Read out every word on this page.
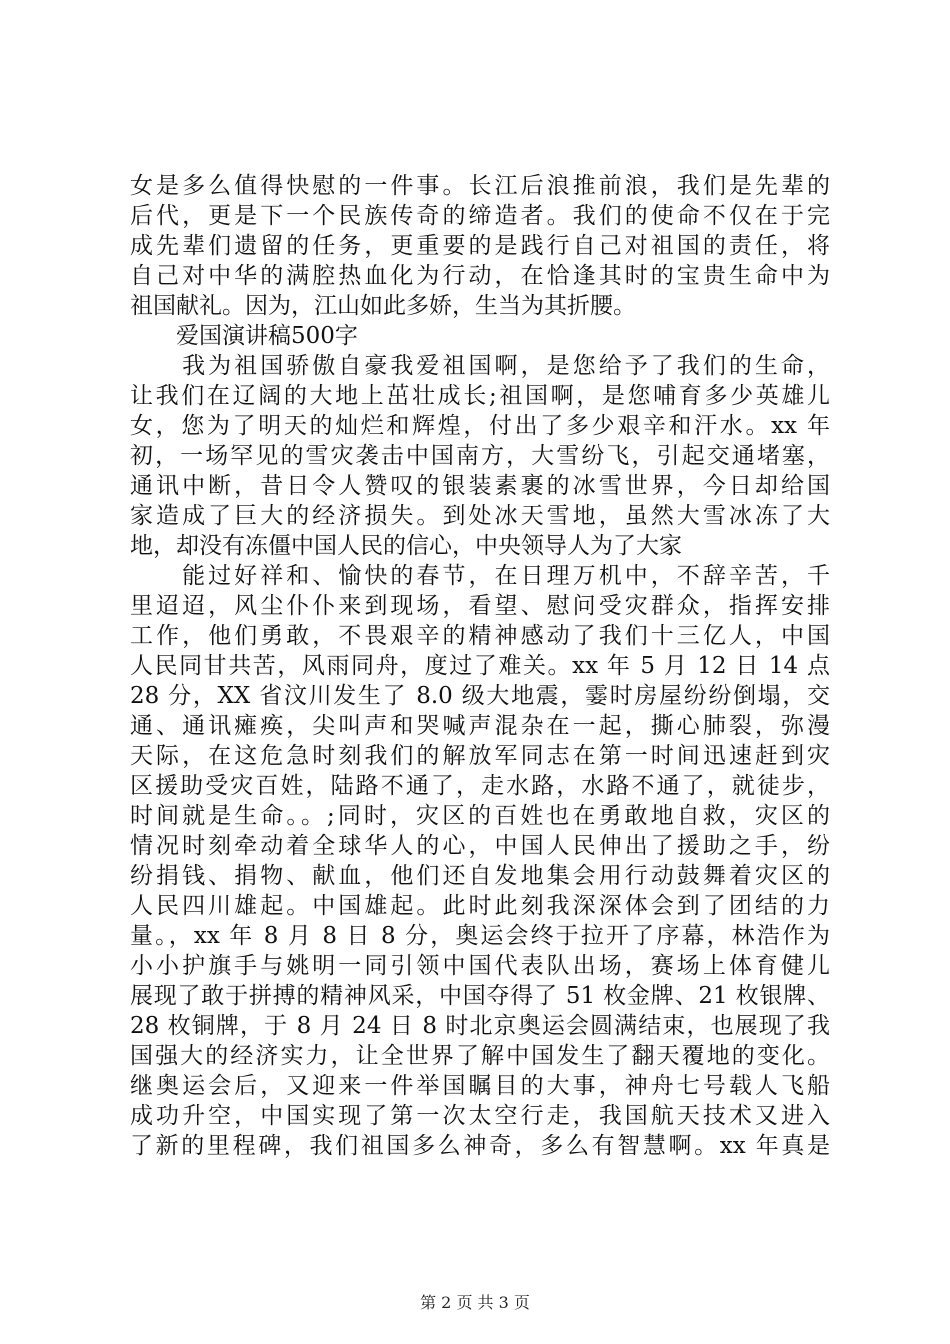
女是多么值得快慰的一件事。长江后浪推前浪，我们是先辈的
后代，更是下一个民族传奇的缔造者。我们的使命不仅在于完
成先辈们遗留的任务，更重要的是践行自己对祖国的责任，将
自己对中华的满腔热血化为行动，在恰逢其时的宝贵生命中为
祖国献礼。因为，江山如此多娇，生当为其折腰。
　　爱国演讲稿500字
　　我为祖国骄傲自豪我爱祖国啊，是您给予了我们的生命，
让我们在辽阔的大地上茁壮成长;祖国啊，是您哺育多少英雄儿
女，您为了明天的灿烂和辉煌，付出了多少艰辛和汗水。xx 年
初，一场罕见的雪灾袭击中国南方，大雪纷飞，引起交通堵塞，
通讯中断，昔日令人赞叹的银装素裹的冰雪世界，今日却给国
家造成了巨大的经济损失。到处冰天雪地，虽然大雪冰冻了大
地，却没有冻僵中国人民的信心，中央领导人为了大家
　　能过好祥和、愉快的春节，在日理万机中，不辞辛苦，千
里迢迢，风尘仆仆来到现场，看望、慰问受灾群众，指挥安排
工作，他们勇敢，不畏艰辛的精神感动了我们十三亿人，中国
人民同甘共苦，风雨同舟，度过了难关。xx 年 5 月 12 日 14 点
28 分，XX 省汶川发生了 8.0 级大地震，霎时房屋纷纷倒塌，交
通、通讯瘫痪，尖叫声和哭喊声混杂在一起，撕心肺裂，弥漫
天际，在这危急时刻我们的解放军同志在第一时间迅速赶到灾
区援助受灾百姓，陆路不通了，走水路，水路不通了，就徒步，
时间就是生命。。;同时，灾区的百姓也在勇敢地自救，灾区的
情况时刻牵动着全球华人的心，中国人民伸出了援助之手，纷
纷捐钱、捐物、献血，他们还自发地集会用行动鼓舞着灾区的
人民四川雄起。中国雄起。此时此刻我深深体会到了团结的力
量。，xx 年 8 月 8 日 8 分，奥运会终于拉开了序幕，林浩作为
小小护旗手与姚明一同引领中国代表队出场，赛场上体育健儿
展现了敢于拼搏的精神风采，中国夺得了 51 枚金牌、21 枚银牌、
28 枚铜牌，于 8 月 24 日 8 时北京奥运会圆满结束，也展现了我
国强大的经济实力，让全世界了解中国发生了翻天覆地的变化。
继奥运会后，又迎来一件举国瞩目的大事，神舟七号载人飞船
成功升空，中国实现了第一次太空行走，我国航天技术又进入
了新的里程碑，我们祖国多么神奇，多么有智慧啊。xx 年真是
第 2 页 共 3 页
